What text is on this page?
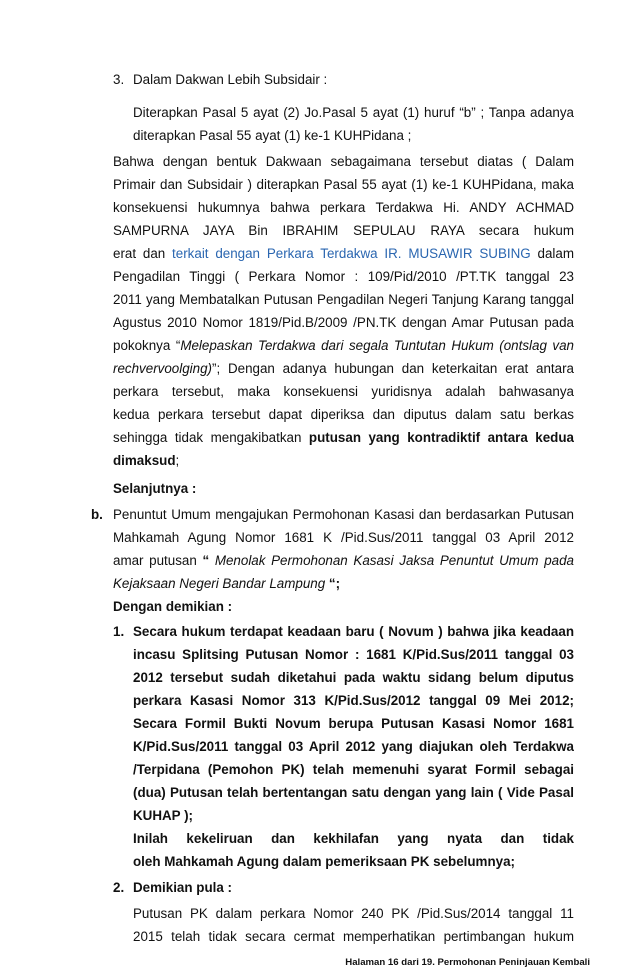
3. Dalam Dakwan Lebih Subsidair :

Diterapkan Pasal 5 ayat (2) Jo.Pasal 5 ayat (1) huruf “b” ; Tanpa adanya

diterapkan Pasal 55 ayat (1) ke-1 KUHPidana ;

Bahwa dengan bentuk Dakwaan sebagaimana tersebut diatas ( Dalam

Primair dan Subsidair ) diterapkan Pasal 55 ayat (1) ke-1 KUHPidana, maka

konsekuensi hukumnya bahwa perkara Terdakwa Hi. ANDY ACHMAD

SAMPURNA JAYA Bin IBRAHIM SEPULAU RAYA secara hukum

erat dan terkait dengan Perkara Terdakwa IR. MUSAWIR SUBING dalam

Pengadilan Tinggi ( Perkara Nomor : 109/Pid/2010 /PT.TK tanggal 23

2011 yang Membatalkan Putusan Pengadilan Negeri Tanjung Karang tanggal

Agustus 2010 Nomor 1819/Pid.B/2009 /PN.TK dengan Amar Putusan pada

pokoknya “Melepaskan Terdakwa dari segala Tuntutan Hukum (ontslag van

rechvervoolging)”; Dengan adanya hubungan dan keterkaitan erat antara

perkara tersebut, maka konsekuensi yuridisnya adalah bahwasanya

kedua perkara tersebut dapat diperiksa dan diputus dalam satu berkas

sehingga tidak mengakibatkan putusan yang kontradiktif antara kedua

dimaksud;

Selanjutnya :

b. Penuntut Umum mengajukan Permohonan Kasasi dan berdasarkan Putusan

Mahkamah Agung Nomor 1681 K /Pid.Sus/2011 tanggal 03 April 2012

amar putusan “ Menolak Permohonan Kasasi Jaksa Penuntut Umum pada

Kejaksaan Negeri Bandar Lampung “;

Dengan demikian :

1. Secara hukum terdapat keadaan baru ( Novum ) bahwa jika keadaan

incasu Splitsing Putusan Nomor : 1681 K/Pid.Sus/2011 tanggal 03

2012 tersebut sudah diketahui pada waktu sidang belum diputus

perkara Kasasi Nomor 313 K/Pid.Sus/2012 tanggal 09 Mei 2012;

Secara Formil Bukti Novum berupa Putusan Kasasi Nomor 1681

K/Pid.Sus/2011 tanggal 03 April 2012 yang diajukan oleh Terdakwa

/Terpidana (Pemohon PK) telah memenuhi syarat Formil sebagai

(dua) Putusan telah bertentangan satu dengan yang lain ( Vide Pasal

KUHAP );

Inilah kekeliruan dan kekhilafan yang nyata dan tidak

oleh Mahkamah Agung dalam pemeriksaan PK sebelumnya;

2. Demikian pula :

Putusan PK dalam perkara Nomor 240 PK /Pid.Sus/2014 tanggal 11

2015 telah tidak secara cermat memperhatikan pertimbangan hukum

Halaman 16 dari 19. Permohonan Peninjauan Kembali
